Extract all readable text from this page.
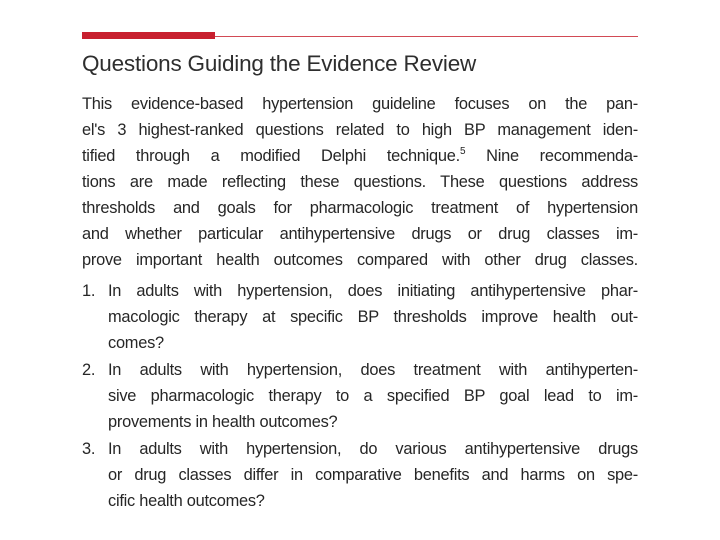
Questions Guiding the Evidence Review
This evidence-based hypertension guideline focuses on the pan-
el's 3 highest-ranked questions related to high BP management iden-
tified through a modified Delphi technique.$^5$ Nine recommenda-
tions are made reflecting these questions. These questions address
thresholds and goals for pharmacologic treatment of hypertension
and whether particular antihypertensive drugs or drug classes im-
prove important health outcomes compared with other drug classes.
1. In adults with hypertension, does initiating antihypertensive phar-
macologic therapy at specific BP thresholds improve health out-
comes?
2. In adults with hypertension, does treatment with antihyperten-
sive pharmacologic therapy to a specified BP goal lead to im-
provements in health outcomes?
3. In adults with hypertension, do various antihypertensive drugs
or drug classes differ in comparative benefits and harms on spe-
cific health outcomes?
